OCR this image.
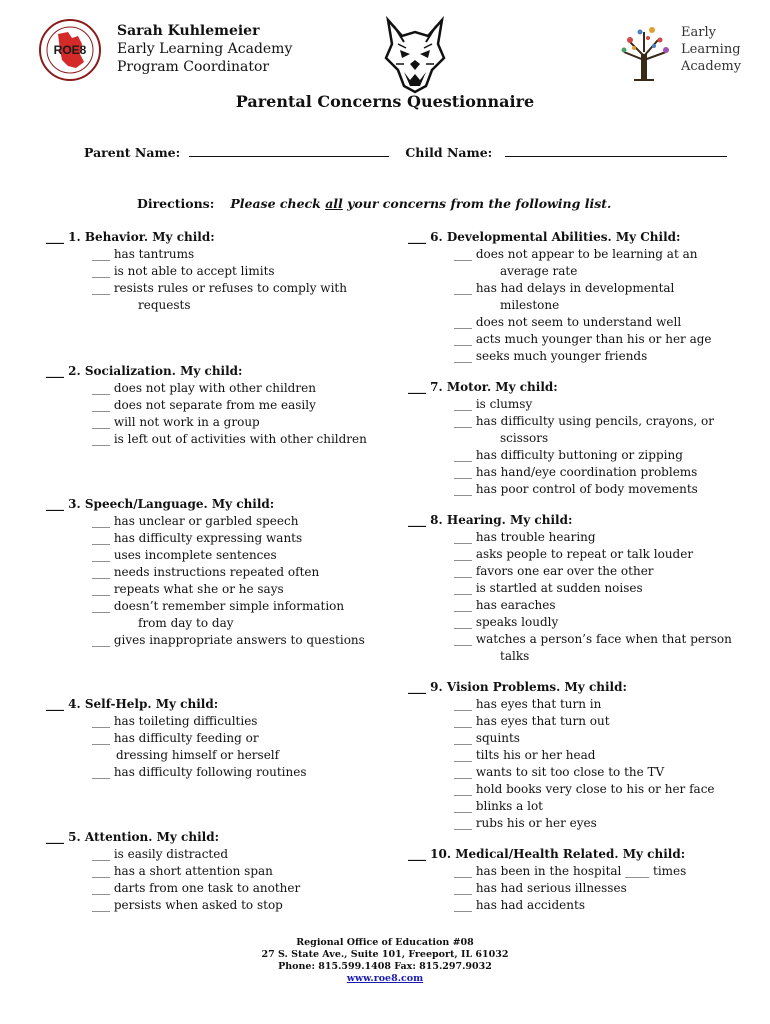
ROE8
Sarah Kuhlemeier
Early Learning Academy
Program Coordinator
Early
Learning
Academy
Parental Concerns Questionnaire
Parent Name:	Child Name:
Directions: Please check all your concerns from the following list.
___ 1. Behavior. My child:
___ has tantrums
___ is not able to accept limits
___ resists rules or refuses to comply with
requests
___ 2. Socialization. My child:
___ does not play with other children
___ does not separate from me easily
___ will not work in a group
___ is left out of activities with other children
___ 3. Speech/Language. My child:
___ has unclear or garbled speech
___ has difficulty expressing wants
___ uses incomplete sentences
___ needs instructions repeated often
___ repeats what she or he says
___ doesn’t remember simple information
from day to day
___ gives inappropriate answers to questions
___ 4. Self-Help. My child:
___ has toileting difficulties
___ has difficulty feeding or
dressing himself or herself
___ has difficulty following routines
___ 5. Attention. My child:
___ is easily distracted
___ has a short attention span
___ darts from one task to another
___ persists when asked to stop
___ 6. Developmental Abilities. My Child:
___ does not appear to be learning at an
average rate
___ has had delays in developmental
milestone
___ does not seem to understand well
___ acts much younger than his or her age
___ seeks much younger friends
___ 7. Motor. My child:
___ is clumsy
___ has difficulty using pencils, crayons, or
scissors
___ has difficulty buttoning or zipping
___ has hand/eye coordination problems
___ has poor control of body movements
___ 8. Hearing. My child:
___ has trouble hearing
___ asks people to repeat or talk louder
___ favors one ear over the other
___ is startled at sudden noises
___ has earaches
___ speaks loudly
___ watches a person’s face when that person
talks
___ 9. Vision Problems. My child:
___ has eyes that turn in
___ has eyes that turn out
___ squints
___ tilts his or her head
___ wants to sit too close to the TV
___ hold books very close to his or her face
___ blinks a lot
___ rubs his or her eyes
___ 10. Medical/Health Related. My child:
___ has been in the hospital ____ times
___ has had serious illnesses
___ has had accidents
Regional Office of Education #08
27 S. State Ave., Suite 101, Freeport, IL 61032
Phone: 815.599.1408 Fax: 815.297.9032
www.roe8.com
